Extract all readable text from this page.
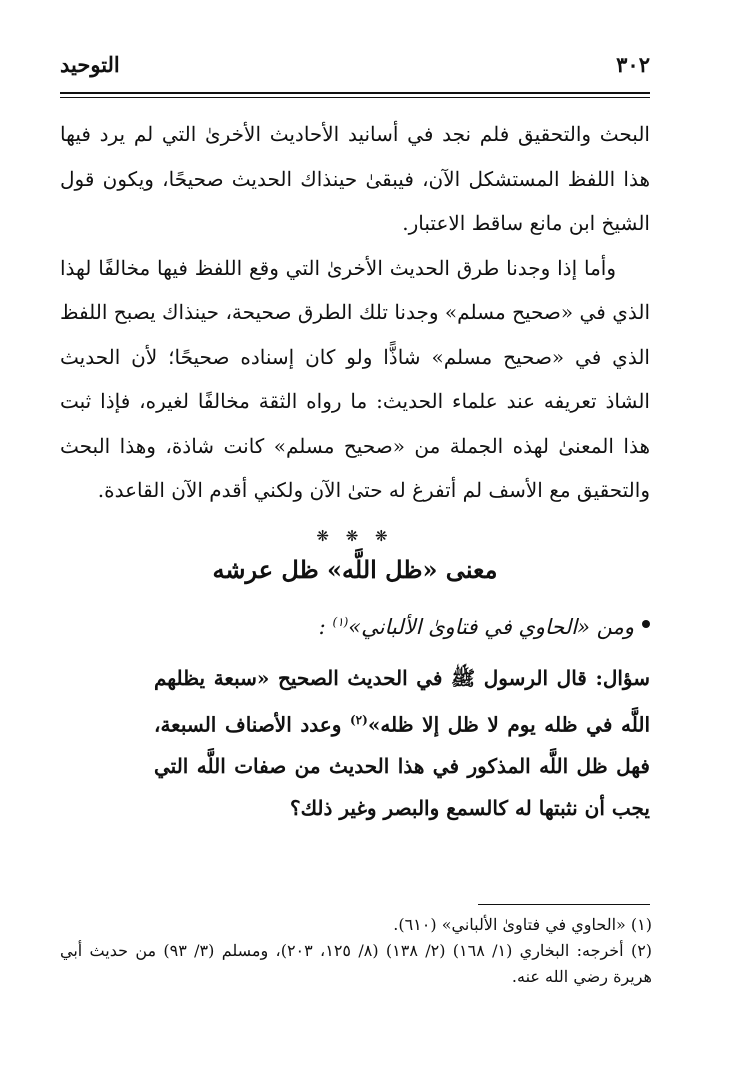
٣٠٢
التوحيد

البحث والتحقيق فلم نجد في أسانيد الأحاديث الأخرىٰ التي لم يرد فيها هذا اللفظ المستشكل الآن، فيبقىٰ حينذاك الحديث صحيحًا، ويكون قول الشيخ ابن مانع ساقط الاعتبار.

وأما إذا وجدنا طرق الحديث الأخرىٰ التي وقع اللفظ فيها مخالفًا لهذا الذي في «صحيح مسلم» وجدنا تلك الطرق صحيحة، حينذاك يصبح اللفظ الذي في «صحيح مسلم» شاذًّا ولو كان إسناده صحيحًا؛ لأن الحديث الشاذ تعريفه عند علماء الحديث: ما رواه الثقة مخالفًا لغيره، فإذا ثبت هذا المعنىٰ لهذه الجملة من «صحيح مسلم» كانت شاذة، وهذا البحث والتحقيق مع الأسف لم أتفرغ له حتىٰ الآن ولكني أقدم الآن القاعدة.

❋ ❋ ❋
معنى «ظل اللَّه» ظل عرشه
ومن «الحاوي في فتاوىٰ الألباني»$^{(١)}$ :
سؤال: قال الرسول ﷺ في الحديث الصحيح «سبعة يظلهم اللَّه في ظله يوم لا ظل إلا ظله»$^{(٢)}$ وعدد الأصناف السبعة، فهل ظل اللَّه المذكور في هذا الحديث من صفات اللَّه التي يجب أن نثبتها له كالسمع والبصر وغير ذلك؟

(١) «الحاوي في فتاوىٰ الألباني» (٦١٠).

(٢) أخرجه: البخاري (١/ ١٦٨) (٢/ ١٣٨) (٨/ ١٢٥، ٢٠٣)، ومسلم (٣/ ٩٣) من حديث أبي هريرة رضي الله عنه.
